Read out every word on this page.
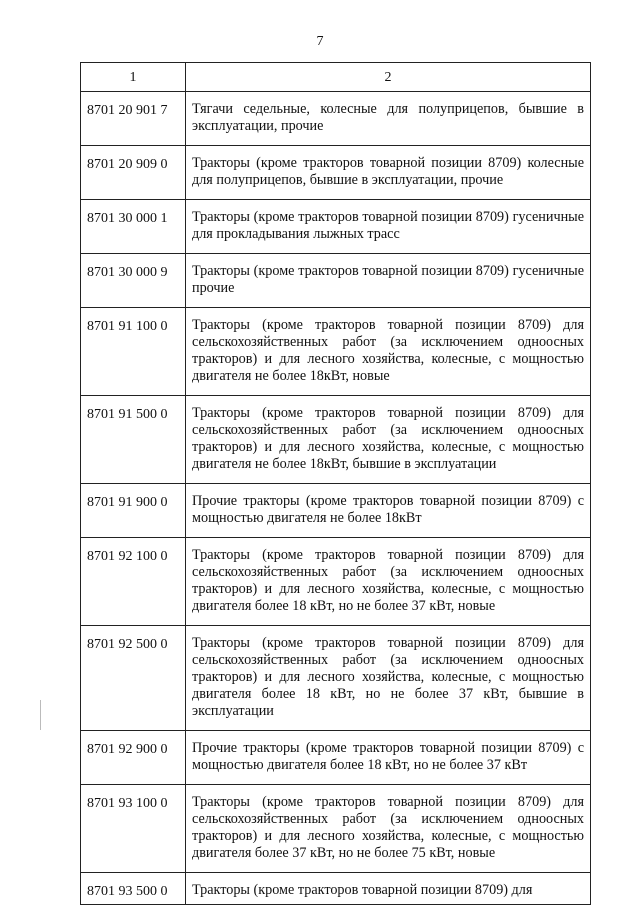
7
1	2
8701 20 901 7	Тягачи седельные, колесные для полуприцепов, бывшие в эксплуатации, прочие
8701 20 909 0	Тракторы (кроме тракторов товарной позиции 8709) колесные для полуприцепов, бывшие в эксплуатации, прочие
8701 30 000 1	Тракторы (кроме тракторов товарной позиции 8709) гусеничные для прокладывания лыжных трасс
8701 30 000 9	Тракторы (кроме тракторов товарной позиции 8709) гусеничные прочие
8701 91 100 0	Тракторы (кроме тракторов товарной позиции 8709) для сельскохозяйственных работ (за исключением одноосных тракторов) и для лесного хозяйства, колесные, с мощностью двигателя не более 18кВт, новые
8701 91 500 0	Тракторы (кроме тракторов товарной позиции 8709) для сельскохозяйственных работ (за исключением одноосных тракторов) и для лесного хозяйства, колесные, с мощностью двигателя не более 18кВт, бывшие в эксплуатации
8701 91 900 0	Прочие тракторы (кроме тракторов товарной позиции 8709) с мощностью двигателя не более 18кВт
8701 92 100 0	Тракторы (кроме тракторов товарной позиции 8709) для сельскохозяйственных работ (за исключением одноосных тракторов) и для лесного хозяйства, колесные, с мощностью двигателя более 18 кВт, но не более 37 кВт, новые
8701 92 500 0	Тракторы (кроме тракторов товарной позиции 8709) для сельскохозяйственных работ (за исключением одноосных тракторов) и для лесного хозяйства, колесные, с мощностью двигателя более 18 кВт, но не более 37 кВт, бывшие в эксплуатации
8701 92 900 0	Прочие тракторы (кроме тракторов товарной позиции 8709) с мощностью двигателя более 18 кВт, но не более 37 кВт
8701 93 100 0	Тракторы (кроме тракторов товарной позиции 8709) для сельскохозяйственных работ (за исключением одноосных тракторов) и для лесного хозяйства, колесные, с мощностью двигателя более 37 кВт, но не более 75 кВт, новые
8701 93 500 0	Тракторы (кроме тракторов товарной позиции 8709) для
